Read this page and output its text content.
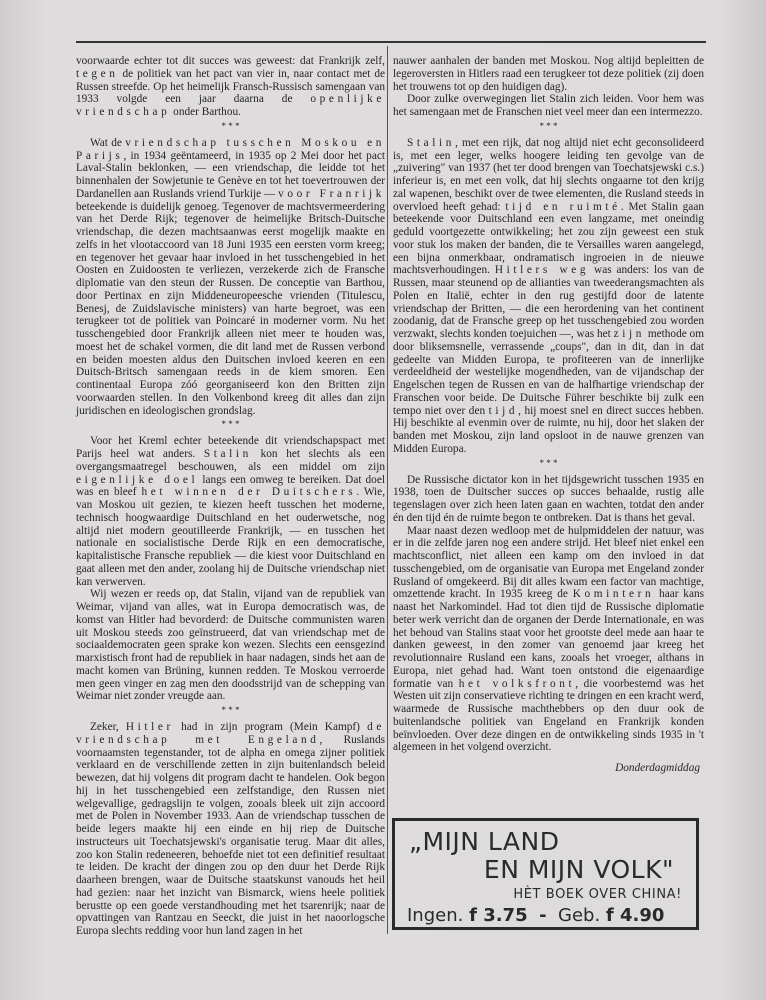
voorwaarde echter tot dit succes was geweest: dat Frankrijk zelf, tegen de politiek van het pact van vier in, naar contact met de Russen streefde. Op het heimelijk Fransch-Russisch samengaan van 1933 volgde een jaar daarna de openlijke vriendschap onder Barthou.

* * *

Wat de vriendschap tusschen Moskou en Parijs, in 1934 geëntameerd, in 1935 op 2 Mei door het pact Laval-Stalin beklonken, — een vriendschap, die leidde tot het binnenhalen der Sowjetunie te Genève en tot het toevertrouwen der Dardanellen aan Ruslands vriend Turkije — voor Franrijk beteekende is duidelijk genoeg. Tegenover de machtsvermeerdering van het Derde Rijk; tegenover de heimelijke Britsch-Duitsche vriendschap, die dezen machtsaanwas eerst mogelijk maakte en zelfs in het vlootaccoord van 18 Juni 1935 een eersten vorm kreeg; en tegenover het gevaar haar invloed in het tusschengebied in het Oosten en Zuidoosten te verliezen, verzekerde zich de Fransche diplomatie van den steun der Russen. De conceptie van Barthou, door Pertinax en zijn Middeneuropeesche vrienden (Titulescu, Benesj, de Zuidslavische ministers) van harte begroet, was een terugkeer tot de politiek van Poincaré in moderner vorm. Nu het tusschengebied door Frankrijk alleen niet meer te houden was, moest het de schakel vormen, die dit land met de Russen verbond en beiden moesten aldus den Duitschen invloed keeren en een Duitsch-Britsch samengaan reeds in de kiem smoren. Een continentaal Europa zóó georganiseerd kon den Britten zijn voorwaarden stellen. In den Volkenbond kreeg dit alles dan zijn juridischen en ideologischen grondslag.

* * *

Voor het Kreml echter beteekende dit vriendschapspact met Parijs heel wat anders. Stalin kon het slechts als een overgangsmaatregel beschouwen, als een middel om zijn eigenlijke doel langs een omweg te bereiken. Dat doel was en bleef het winnen der Duitschers. Wie, van Moskou uit gezien, te kiezen heeft tusschen het moderne, technisch hoogwaardige Duitschland en het ouderwetsche, nog altijd niet modern geoutilleerde Frankrijk, — en tusschen het nationale en socialistische Derde Rijk en een democratische, kapitalistische Fransche republiek — die kiest voor Duitschland en gaat alleen met den ander, zoolang hij de Duitsche vriendschap niet kan verwerven.

Wij wezen er reeds op, dat Stalin, vijand van de republiek van Weimar, vijand van alles, wat in Europa democratisch was, de komst van Hitler had bevorderd: de Duitsche communisten waren uit Moskou steeds zoo geïnstrueerd, dat van vriendschap met de sociaaldemocraten geen sprake kon wezen. Slechts een eensgezind marxistisch front had de republiek in haar nadagen, sinds het aan de macht komen van Brüning, kunnen redden. Te Moskou verroerde men geen vinger en zag men den doodsstrijd van de schepping van Weimar niet zonder vreugde aan.

* * *

Zeker, Hitler had in zijn program (Mein Kampf) de vriendschap met Engeland, Ruslands voornaamsten tegenstander, tot de alpha en omega zijner politiek verklaard en de verschillende zetten in zijn buitenlandsch beleid bewezen, dat hij volgens dit program dacht te handelen. Ook begon hij in het tusschengebied een zelfstandige, den Russen niet welgevallige, gedragslijn te volgen, zooals bleek uit zijn accoord met de Polen in November 1933. Aan de vriendschap tusschen de beide legers maakte hij een einde en hij riep de Duitsche instructeurs uit Toechatsjewski's organisatie terug. Maar dit alles, zoo kon Stalin redeneeren, behoefde niet tot een definitief resultaat te leiden. De kracht der dingen zou op den duur het Derde Rijk daarheen brengen, waar de Duitsche staatskunst vanouds het heil had gezien: naar het inzicht van Bismarck, wiens heele politiek berustte op een goede verstandhouding met het tsarenrijk; naar de opvattingen van Rantzau en Seeckt, die juist in het naoorlogsche Europa slechts redding voor hun land zagen in het

nauwer aanhalen der banden met Moskou. Nog altijd bepleitten de legeroversten in Hitlers raad een terugkeer tot deze politiek (zij doen het trouwens tot op den huidigen dag).

Door zulke overwegingen liet Stalin zich leiden. Voor hem was het samengaan met de Franschen niet veel meer dan een intermezzo.

* * *

Stalin, met een rijk, dat nog altijd niet echt geconsolideerd is, met een leger, welks hoogere leiding ten gevolge van de „zuivering" van 1937 (het ter dood brengen van Toechatsjewski c.s.) inferieur is, en met een volk, dat hij slechts ongaarne tot den krijg zal wapenen, beschikt over de twee elementen, die Rusland steeds in overvloed heeft gehad: tijd en ruimté. Met Stalin gaan beteekende voor Duitschland een even langzame, met oneindig geduld voortgezette ontwikkeling; het zou zijn geweest een stuk voor stuk los maken der banden, die te Versailles waren aangelegd, een bijna onmerkbaar, ondramatisch ingroeien in de nieuwe machtsverhoudingen. Hitlers weg was anders: los van de Russen, maar steunend op de allianties van tweederangsmachten als Polen en Italië, echter in den rug gestijfd door de latente vriendschap der Britten, — die een herordening van het continent zoodanig, dat de Fransche greep op het tusschengebied zou worden verzwakt, slechts konden toejuichen —, was het zijn methode om door bliksemsnelle, verrassende „coups", dan in dit, dan in dat gedeelte van Midden Europa, te profiteeren van de innerlijke verdeeldheid der westelijke mogendheden, van de vijandschap der Engelschen tegen de Russen en van de halfhartige vriendschap der Franschen voor beide. De Duitsche Führer beschikte bij zulk een tempo niet over den tijd, hij moest snel en direct succes hebben. Hij beschikte al evenmin over de ruimte, nu hij, door het slaken der banden met Moskou, zijn land opsloot in de nauwe grenzen van Midden Europa.

* * *

De Russische dictator kon in het tijdsgewricht tusschen 1935 en 1938, toen de Duitscher succes op succes behaalde, rustig alle tegenslagen over zich heen laten gaan en wachten, totdat den ander én den tijd én de ruimte begon te ontbreken. Dat is thans het geval.

Maar naast dezen wedloop met de hulpmiddelen der natuur, was er in die zelfde jaren nog een andere strijd. Het bleef niet enkel een machtsconflict, niet alleen een kamp om den invloed in dat tusschengebied, om de organisatie van Europa met Engeland zonder Rusland of omgekeerd. Bij dit alles kwam een factor van machtige, omzettende kracht. In 1935 kreeg de Komintern haar kans naast het Narkomindel. Had tot dien tijd de Russische diplomatie beter werk verricht dan de organen der Derde Internationale, en was het behoud van Stalins staat voor het grootste deel mede aan haar te danken geweest, in den zomer van genoemd jaar kreeg het revolutionnaire Rusland een kans, zooals het vroeger, althans in Europa, niet gehad had. Want toen ontstond die eigenaardige formatie van het volksfront, die voorbestemd was het Westen uit zijn conservatieve richting te dringen en een kracht werd, waarmede de Russische machthebbers op den duur ook de buitenlandsche politiek van Engeland en Frankrijk konden beïnvloeden. Over deze dingen en de ontwikkeling sinds 1935 in 't algemeen in het volgend overzicht.

Donderdagmiddag
„MIJN LAND
EN MIJN VOLK"
HÈT BOEK OVER CHINA!
Ingen. f 3.75 - Geb. f 4.90
